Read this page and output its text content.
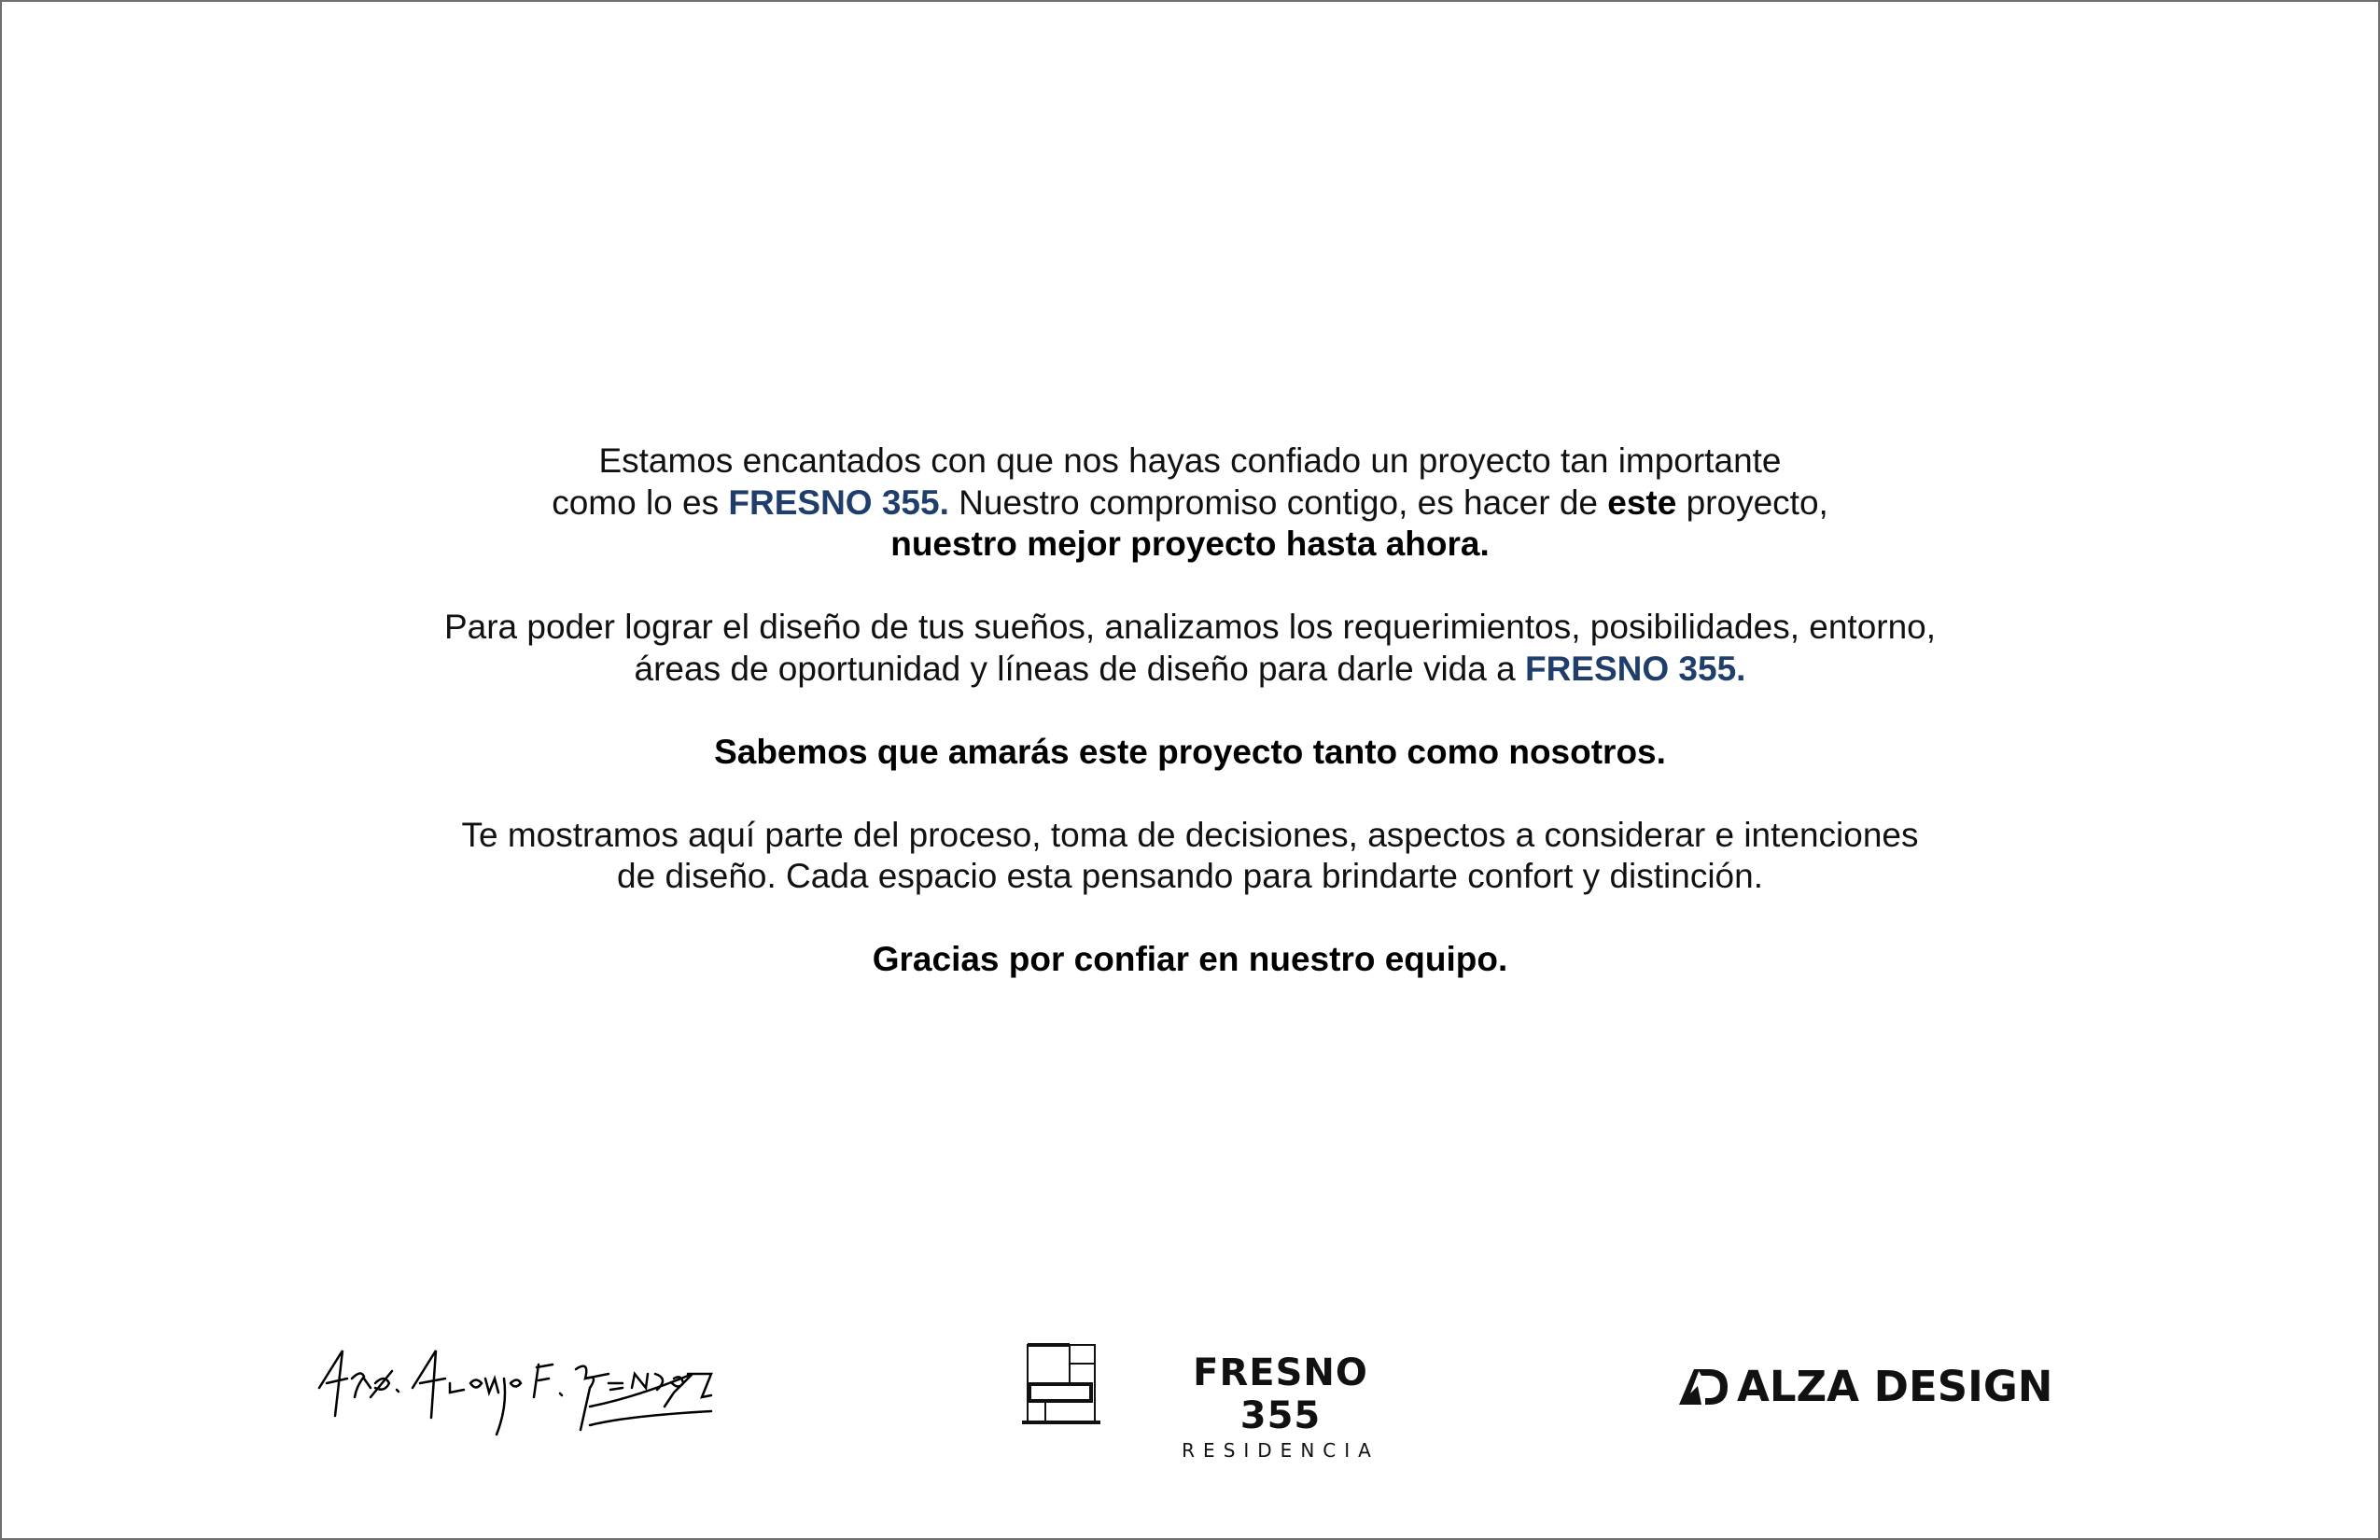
Estamos encantados con que nos hayas confiado un proyecto tan importante
como lo es FRESNO 355. Nuestro compromiso contigo, es hacer de este proyecto,
nuestro mejor proyecto hasta ahora.

Para poder lograr el diseño de tus sueños, analizamos los requerimientos, posibilidades, entorno,
áreas de oportunidad y líneas de diseño para darle vida a FRESNO 355.

Sabemos que amarás este proyecto tanto como nosotros.

Te mostramos aquí parte del proceso, toma de decisiones, aspectos a considerar e intenciones
de diseño. Cada espacio esta pensando para brindarte confort y distinción.

Gracias por confiar en nuestro equipo.

FRESNO 355
RESIDENCIA
ALZA DESIGN
